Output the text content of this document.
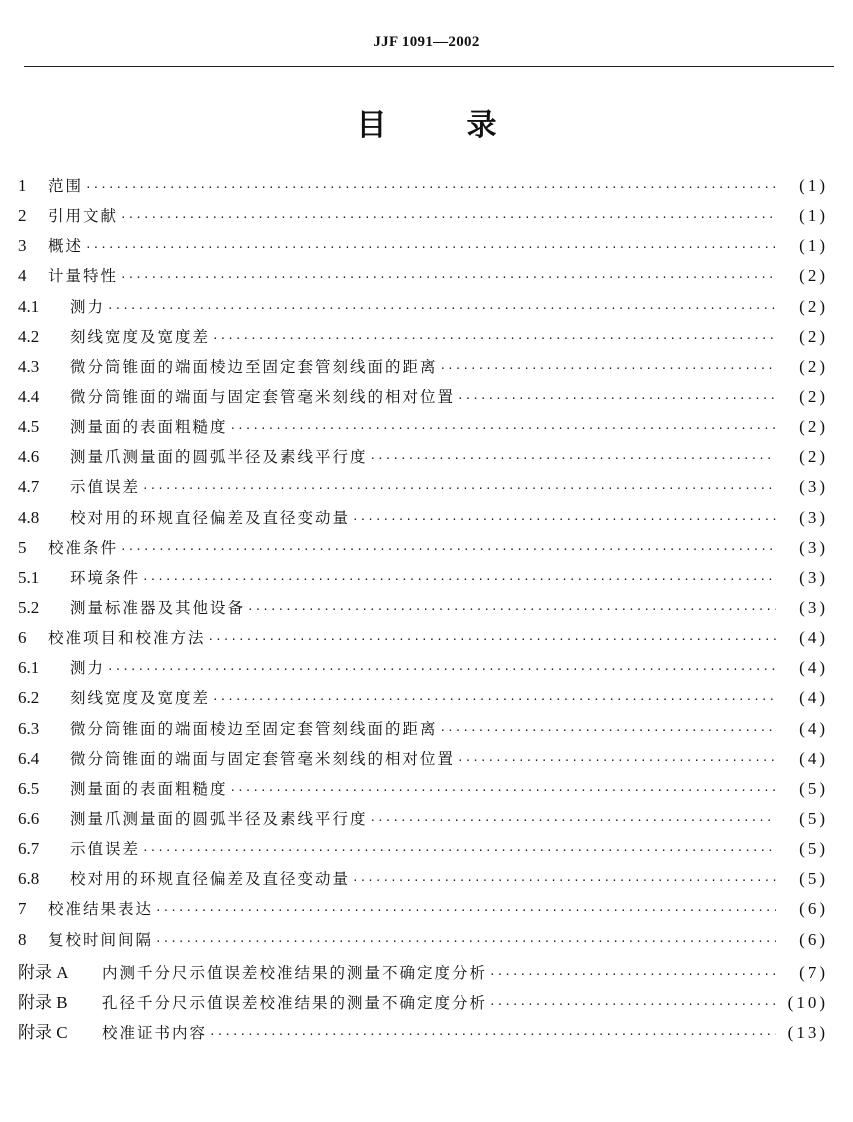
JJF 1091—2002
目	录
1	范围 ·····	(1)
2	引用文献 ·····	(1)
3	概述 ·····	(1)
4	计量特性 ·····	(2)
4.1	测力 ·····	(2)
4.2	刻线宽度及宽度差 ·····	(2)
4.3	微分筒锥面的端面棱边至固定套管刻线面的距离 ·····	(2)
4.4	微分筒锥面的端面与固定套管毫米刻线的相对位置 ·····	(2)
4.5	测量面的表面粗糙度 ·····	(2)
4.6	测量爪测量面的圆弧半径及素线平行度 ·····	(2)
4.7	示值误差 ·····	(3)
4.8	校对用的环规直径偏差及直径变动量 ·····	(3)
5	校准条件 ·····	(3)
5.1	环境条件 ·····	(3)
5.2	测量标准器及其他设备 ·····	(3)
6	校准项目和校准方法 ·····	(4)
6.1	测力 ·····	(4)
6.2	刻线宽度及宽度差 ·····	(4)
6.3	微分筒锥面的端面棱边至固定套管刻线面的距离 ·····	(4)
6.4	微分筒锥面的端面与固定套管毫米刻线的相对位置 ·····	(4)
6.5	测量面的表面粗糙度 ·····	(5)
6.6	测量爪测量面的圆弧半径及素线平行度 ·····	(5)
6.7	示值误差 ·····	(5)
6.8	校对用的环规直径偏差及直径变动量 ·····	(5)
7	校准结果表达 ·····	(6)
8	复校时间间隔 ·····	(6)
附录 A	内测千分尺示值误差校准结果的测量不确定度分析 ·····	(7)
附录 B	孔径千分尺示值误差校准结果的测量不确定度分析 ·····	(10)
附录 C	校准证书内容 ·····	(13)
